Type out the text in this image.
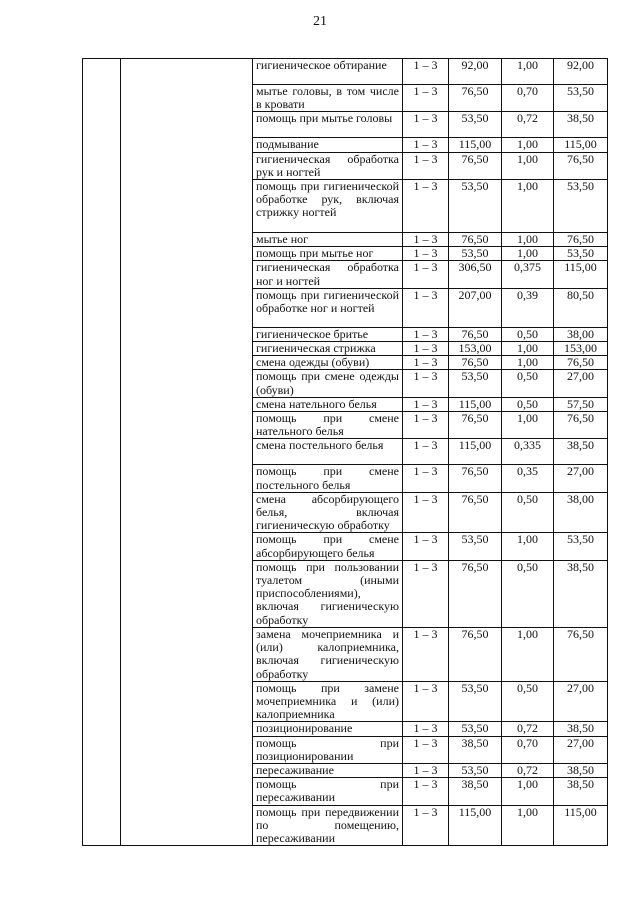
21
		гигиеническое обтирание	1 – 3	92,00	1,00	92,00
		мытье головы, в том числе в кровати	1 – 3	76,50	0,70	53,50
		помощь при мытье головы	1 – 3	53,50	0,72	38,50
		подмывание	1 – 3	115,00	1,00	115,00
		гигиеническая обработка рук и ногтей	1 – 3	76,50	1,00	76,50
		помощь при гигиенической обработке рук, включая стрижку ногтей	1 – 3	53,50	1,00	53,50
		мытье ног	1 – 3	76,50	1,00	76,50
		помощь при мытье ног	1 – 3	53,50	1,00	53,50
		гигиеническая обработка ног и ногтей	1 – 3	306,50	0,375	115,00
		помощь при гигиенической обработке ног и ногтей	1 – 3	207,00	0,39	80,50
		гигиеническое бритье	1 – 3	76,50	0,50	38,00
		гигиеническая стрижка	1 – 3	153,00	1,00	153,00
		смена одежды (обуви)	1 – 3	76,50	1,00	76,50
		помощь при смене одежды (обуви)	1 – 3	53,50	0,50	27,00
		смена нательного белья	1 – 3	115,00	0,50	57,50
		помощь при смене нательного белья	1 – 3	76,50	1,00	76,50
		смена постельного белья	1 – 3	115,00	0,335	38,50
		помощь при смене постельного белья	1 – 3	76,50	0,35	27,00
		смена абсорбирующего белья, включая гигиеническую обработку	1 – 3	76,50	0,50	38,00
		помощь при смене абсорбирующего белья	1 – 3	53,50	1,00	53,50
		помощь при пользовании туалетом (иными приспособлениями), включая гигиеническую обработку	1 – 3	76,50	0,50	38,50
		замена мочеприемника и (или) калоприемника, включая гигиеническую обработку	1 – 3	76,50	1,00	76,50
		помощь при замене мочеприемника и (или) калоприемника	1 – 3	53,50	0,50	27,00
		позиционирование	1 – 3	53,50	0,72	38,50
		помощь при позиционировании	1 – 3	38,50	0,70	27,00
		пересаживание	1 – 3	53,50	0,72	38,50
		помощь при пересаживании	1 – 3	38,50	1,00	38,50
		помощь при передвижении по помещению, пересаживании	1 – 3	115,00	1,00	115,00
